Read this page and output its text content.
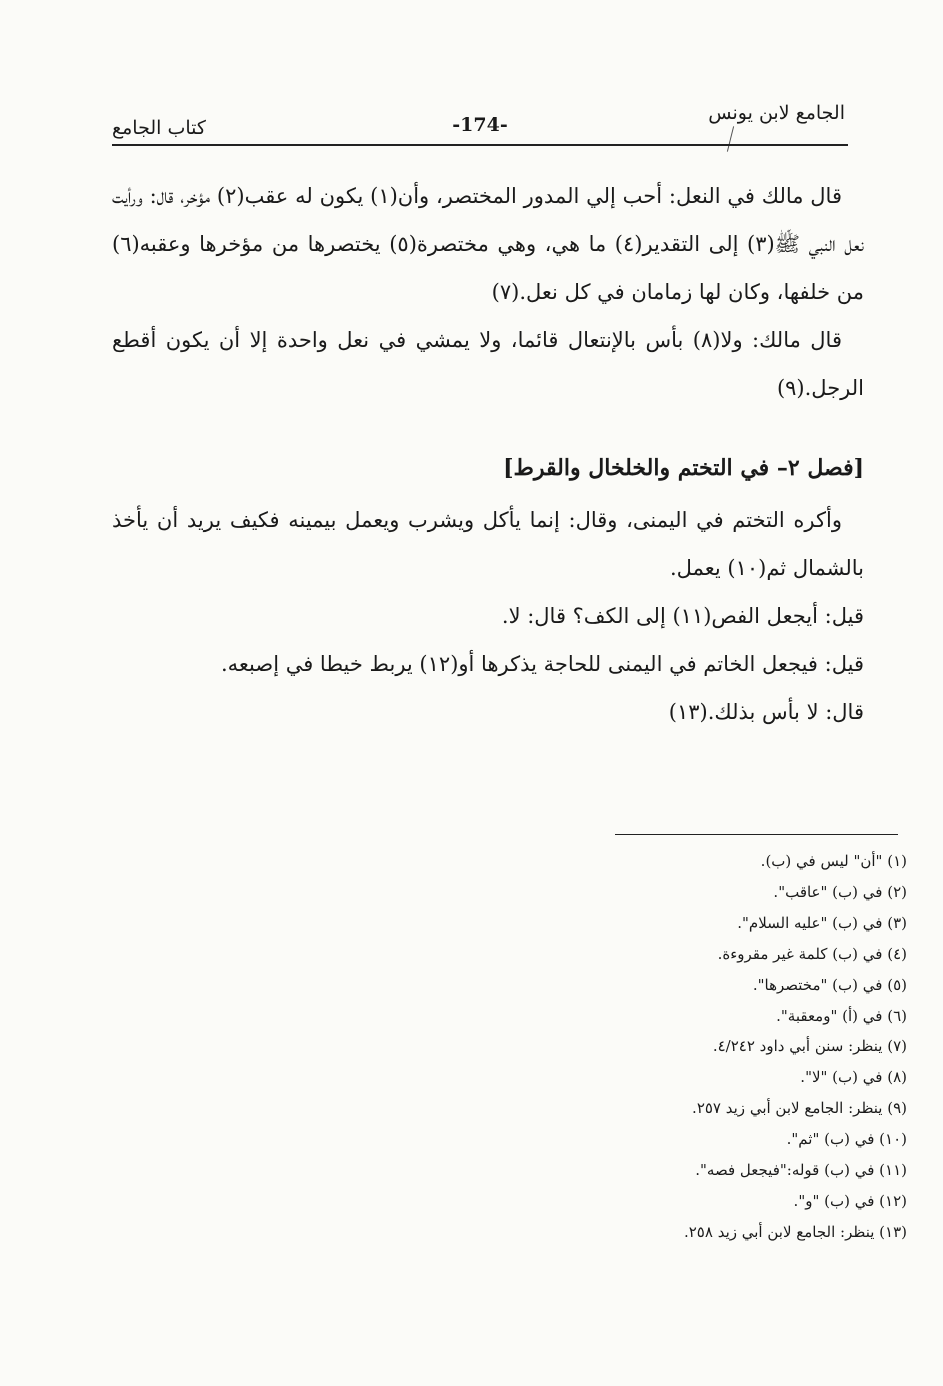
الجامع لابن يونس
-174-
كتاب الجامع

قال مالك في النعل: أحب إلي المدور المختصر، وأن(١) يكون له عقب(٢) مؤخر، قال: ورأيت نعل النبي ﷺ(٣) إلى التقدير(٤) ما هي، وهي مختصرة(٥) يختصرها من مؤخرها وعقبه(٦) من خلفها، وكان لها زمامان في كل نعل.(٧)

قال مالك: ولا(٨) بأس بالإنتعال قائما، ولا يمشي في نعل واحدة إلا أن يكون أقطع الرجل.(٩)

[فصل ٢– في التختم والخلخال والقرط]

وأكره التختم في اليمنى، وقال: إنما يأكل ويشرب ويعمل بيمينه فكيف يريد أن يأخذ بالشمال ثم(١٠) يعمل.

قيل: أيجعل الفص(١١) إلى الكف؟ قال: لا.

قيل: فيجعل الخاتم في اليمنى للحاجة يذكرها أو(١٢) يربط خيطا في إصبعه.

قال: لا بأس بذلك.(١٣)

(١) "أن" ليس في (ب).

(٢) في (ب) "عاقب".

(٣) في (ب) "عليه السلام".

(٤) في (ب) كلمة غير مقروءة.

(٥) في (ب) "مختصرها".

(٦) في (أ) "ومعقبة".

(٧) ينظر: سنن أبي داود ٤/٢٤٢.

(٨) في (ب) "لا".

(٩) ينظر: الجامع لابن أبي زيد ٢٥٧.

(١٠) في (ب) "ثم".

(١١) في (ب) قوله:"فيجعل فصه".

(١٢) في (ب) "و".

(١٣) ينظر: الجامع لابن أبي زيد ٢٥٨.
